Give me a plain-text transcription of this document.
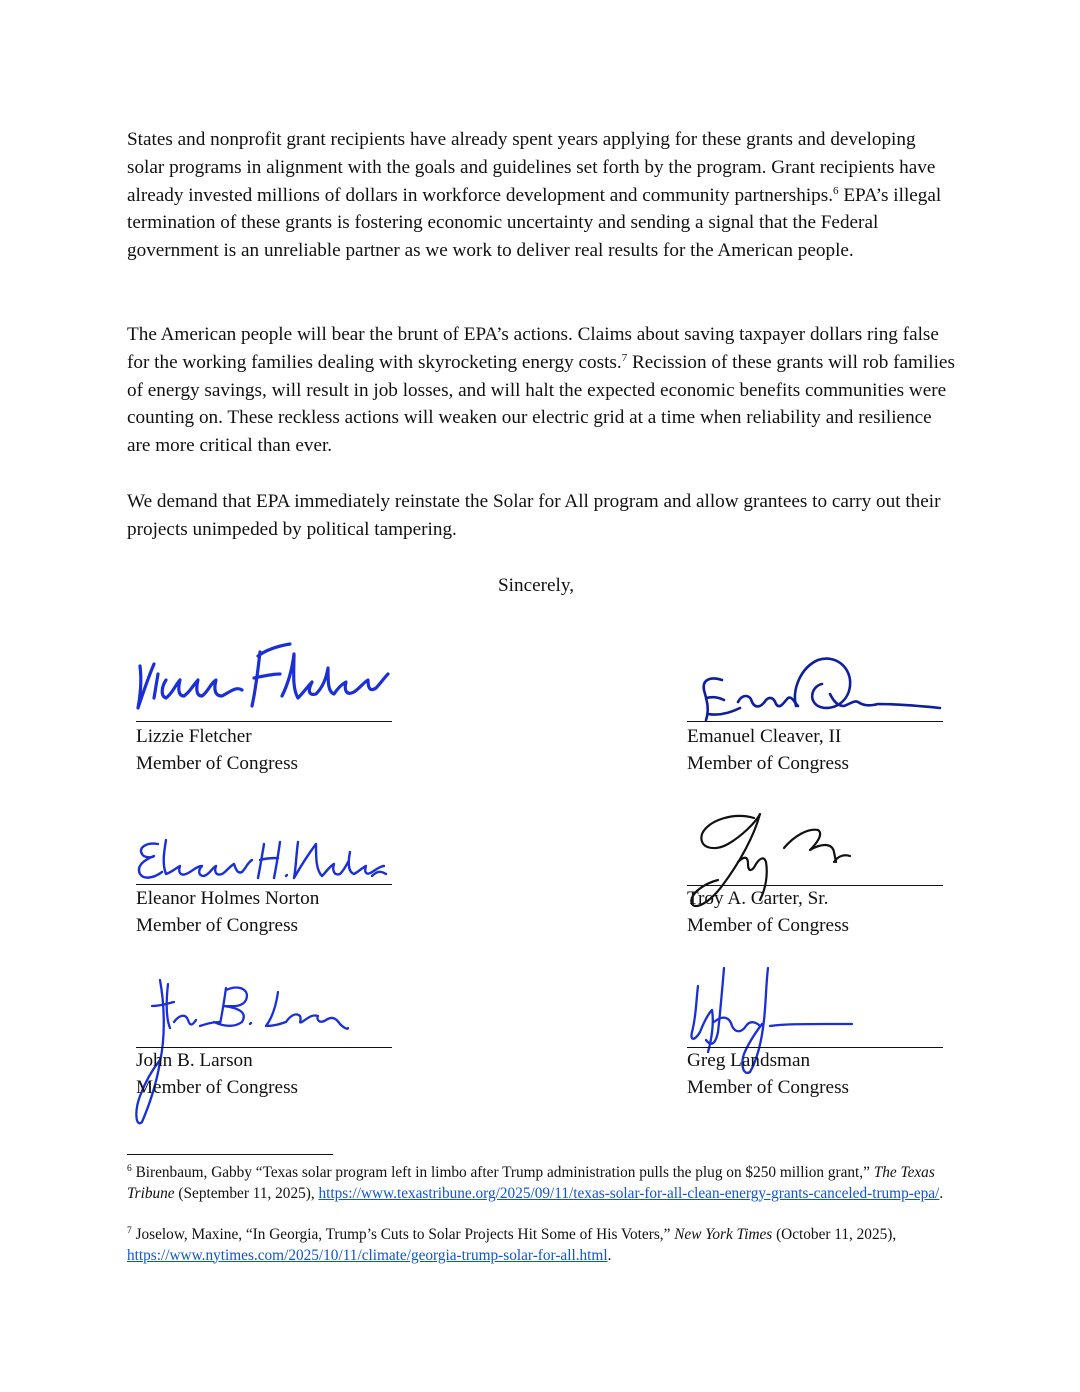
States and nonprofit grant recipients have already spent years applying for these grants and developing solar programs in alignment with the goals and guidelines set forth by the program. Grant recipients have already invested millions of dollars in workforce development and community partnerships.$^6$ EPA’s illegal termination of these grants is fostering economic uncertainty and sending a signal that the Federal government is an unreliable partner as we work to deliver real results for the American people.

The American people will bear the brunt of EPA’s actions. Claims about saving taxpayer dollars ring false for the working families dealing with skyrocketing energy costs.$^7$ Recission of these grants will rob families of energy savings, will result in job losses, and will halt the expected economic benefits communities were counting on. These reckless actions will weaken our electric grid at a time when reliability and resilience are more critical than ever.

We demand that EPA immediately reinstate the Solar for All program and allow grantees to carry out their projects unimpeded by political tampering.

Sincerely,
Lizzie Fletcher
Member of Congress
Emanuel Cleaver, II
Member of Congress
Eleanor Holmes Norton
Member of Congress
Troy A. Carter, Sr.
Member of Congress
John B. Larson
Member of Congress
Greg Landsman
Member of Congress

$^6$ Birenbaum, Gabby “Texas solar program left in limbo after Trump administration pulls the plug on $250 million grant,” The Texas Tribune (September 11, 2025), https://www.texastribune.org/2025/09/11/texas-solar-for-all-clean-energy-grants-canceled-trump-epa/.

$^7$ Joselow, Maxine, “In Georgia, Trump’s Cuts to Solar Projects Hit Some of His Voters,” New York Times (October 11, 2025), https://www.nytimes.com/2025/10/11/climate/georgia-trump-solar-for-all.html.
